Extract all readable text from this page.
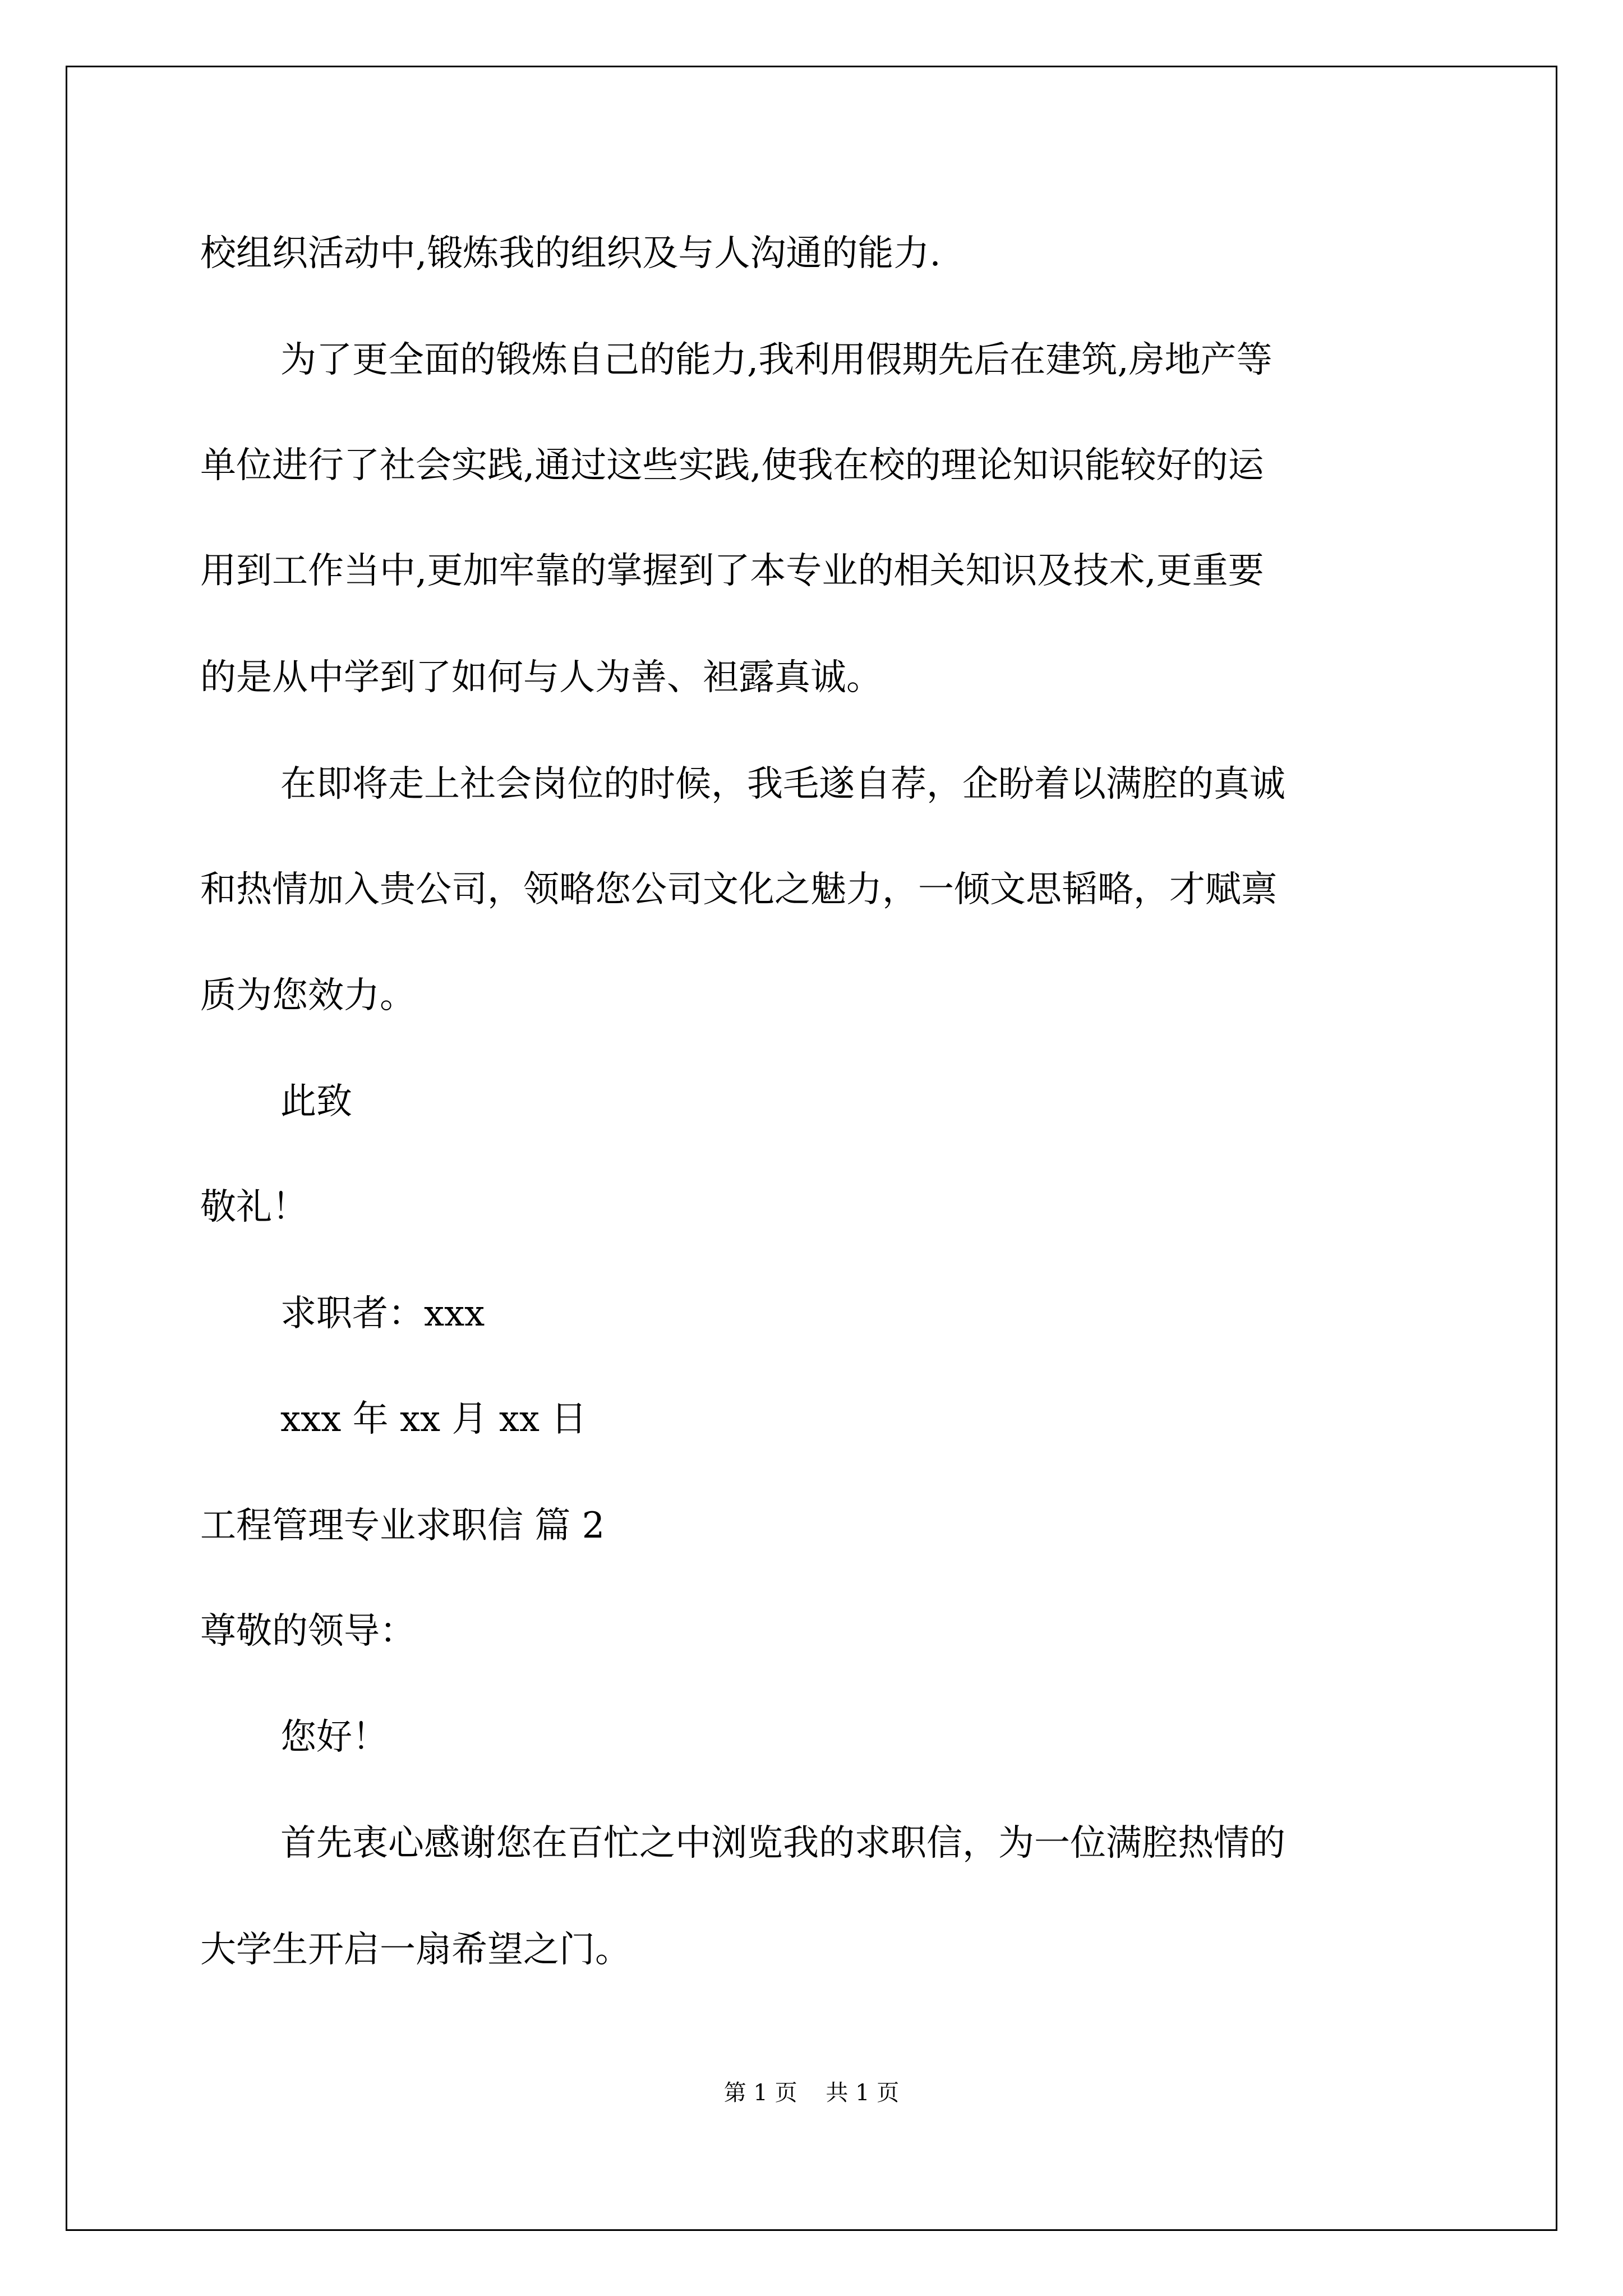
校组织活动中,锻炼我的组织及与人沟通的能力.
为了更全面的锻炼自己的能力,我利用假期先后在建筑,房地产等
单位进行了社会实践,通过这些实践,使我在校的理论知识能较好的运
用到工作当中,更加牢靠的掌握到了本专业的相关知识及技术,更重要
的是从中学到了如何与人为善、袒露真诚。
在即将走上社会岗位的时候，我毛遂自荐，企盼着以满腔的真诚
和热情加入贵公司，领略您公司文化之魅力，一倾文思韬略，才赋禀
质为您效力。
此致
敬礼！
求职者：xxx
xxx 年 xx 月 xx 日
工程管理专业求职信 篇 2
尊敬的领导：
您好！
首先衷心感谢您在百忙之中浏览我的求职信，为一位满腔热情的
大学生开启一扇希望之门。
第 1 页    共 1 页
